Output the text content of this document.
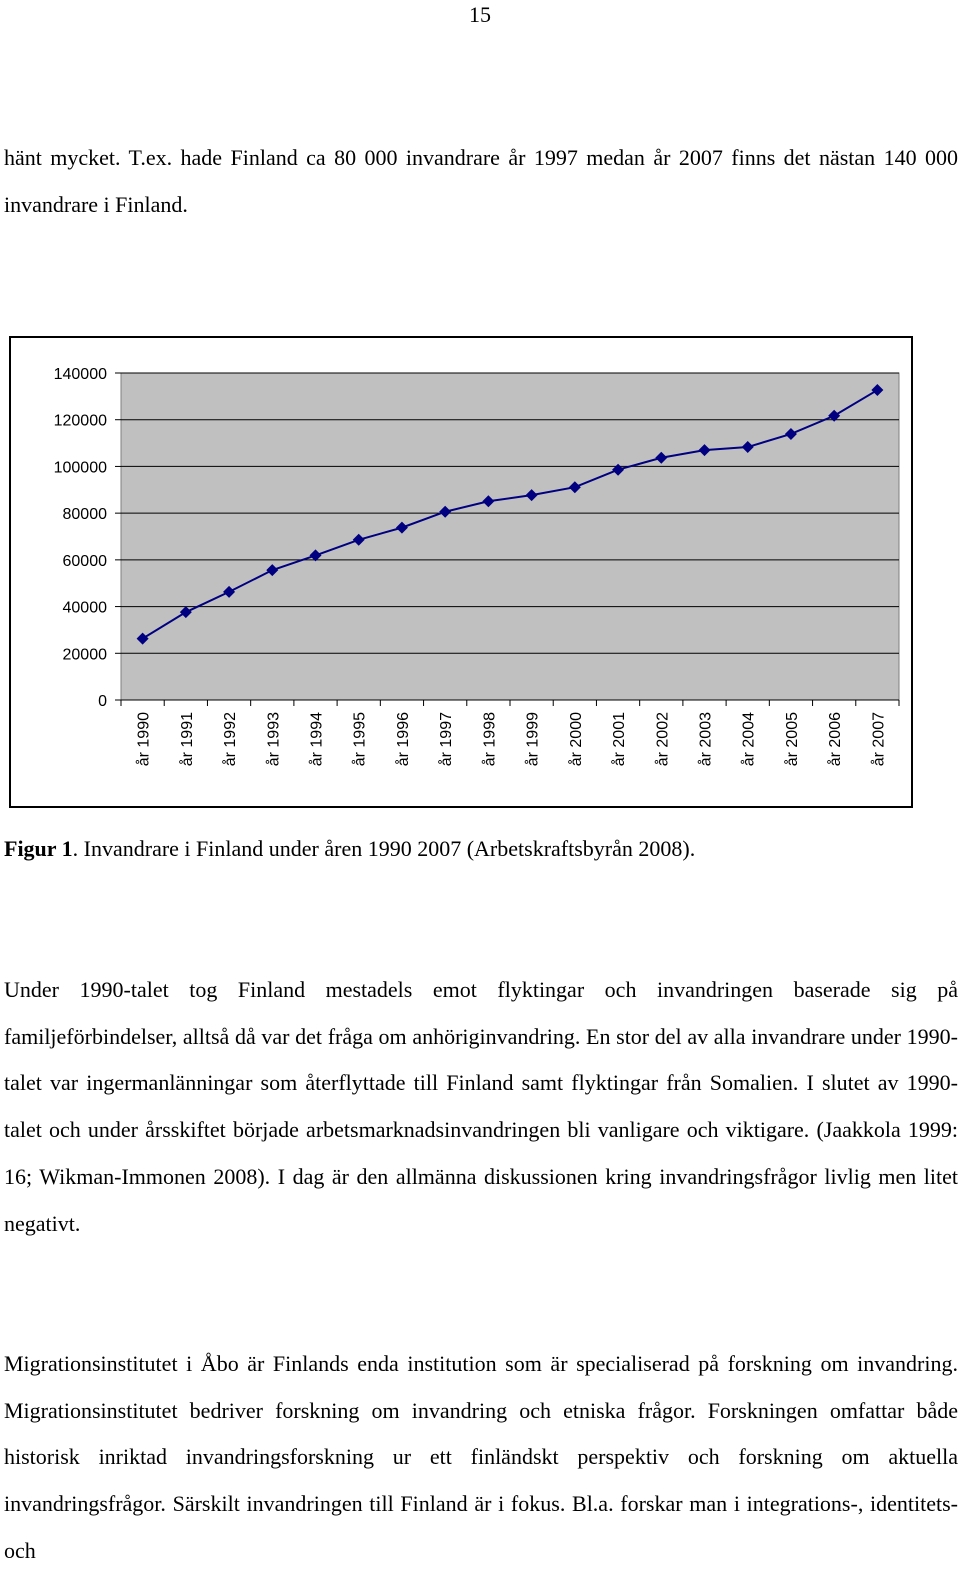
15

hänt mycket. T.ex. hade Finland ca 80 000 invandrare år 1997 medan år 2007 finns det nästan 140 000 invandrare i Finland.

0
20000
40000
60000
80000
100000
120000
140000
år 1990 år 1991 år 1992 år 1993 år 1994 år 1995 år 1996 år 1997 år 1998 år 1999 år 2000 år 2001 år 2002 år 2003 år 2004 år 2005 år 2006 år 2007

Figur 1. Invandrare i Finland under åren 1990 2007 (Arbetskraftsbyrån 2008).

Under 1990-talet tog Finland mestadels emot flyktingar och invandringen baserade sig på familjeförbindelser, alltså då var det fråga om anhöriginvandring. En stor del av alla invandrare under 1990-talet var ingermanlänningar som återflyttade till Finland samt flyktingar från Somalien. I slutet av 1990-talet och under årsskiftet började arbetsmarknadsinvandringen bli vanligare och viktigare. (Jaakkola 1999: 16; Wikman-Immonen 2008). I dag är den allmänna diskussionen kring invandringsfrågor livlig men litet negativt.

Migrationsinstitutet i Åbo är Finlands enda institution som är specialiserad på forskning om invandring. Migrationsinstitutet bedriver forskning om invandring och etniska frågor. Forskningen omfattar både historisk inriktad invandringsforskning ur ett finländskt perspektiv och forskning om aktuella invandringsfrågor. Särskilt invandringen till Finland är i fokus. Bl.a. forskar man i integrations-, identitets- och
